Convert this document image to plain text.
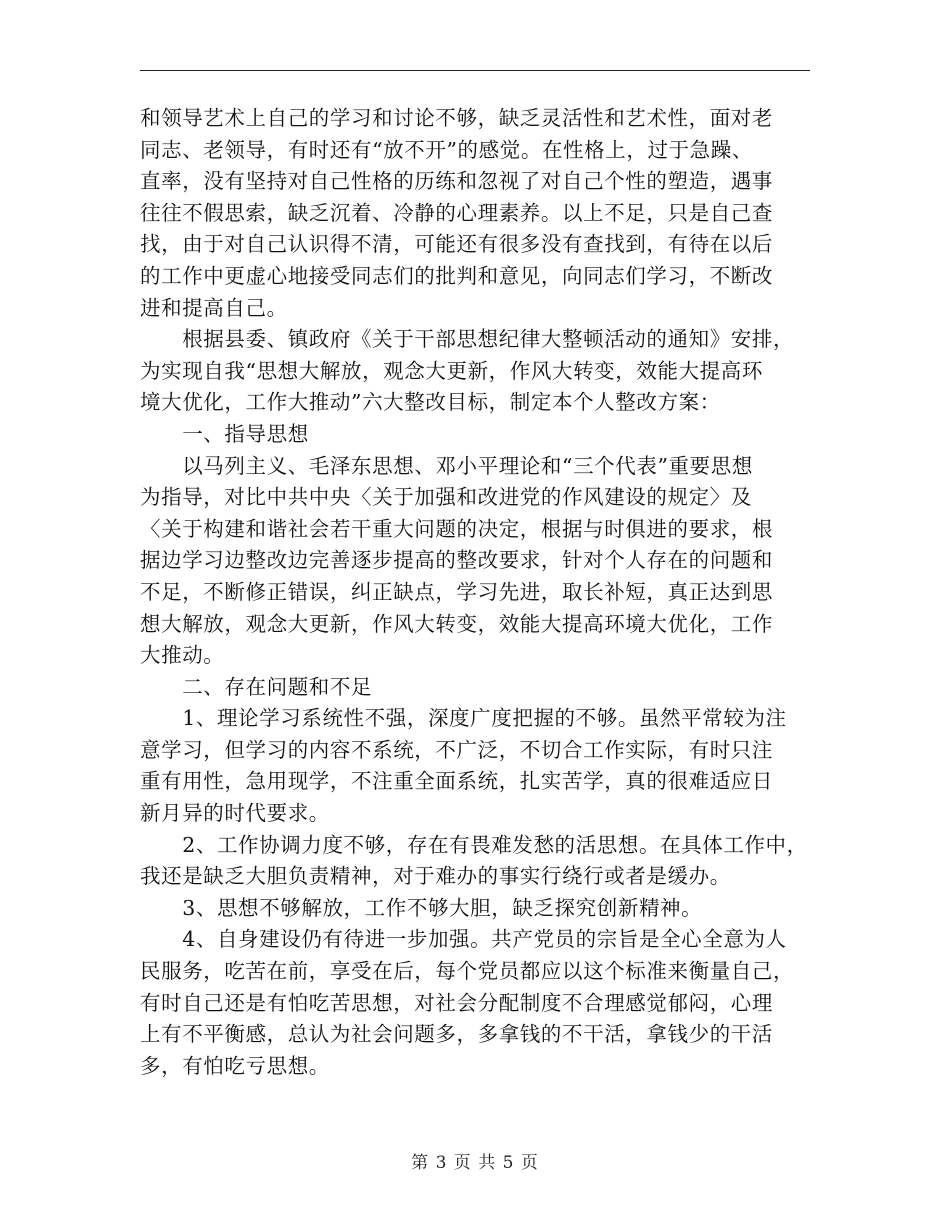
和领导艺术上自己的学习和讨论不够，缺乏灵活性和艺术性，面对老
同志、老领导，有时还有“放不开”的感觉。在性格上，过于急躁、
直率，没有坚持对自己性格的历练和忽视了对自己个性的塑造，遇事
往往不假思索，缺乏沉着、冷静的心理素养。以上不足，只是自己查
找，由于对自己认识得不清，可能还有很多没有查找到，有待在以后
的工作中更虚心地接受同志们的批判和意见，向同志们学习，不断改
进和提高自己。
　　根据县委、镇政府《关于干部思想纪律大整顿活动的通知》安排，
为实现自我“思想大解放，观念大更新，作风大转变，效能大提高环
境大优化，工作大推动”六大整改目标，制定本个人整改方案：
　　一、指导思想
　　以马列主义、毛泽东思想、邓小平理论和“三个代表”重要思想
为指导，对比中共中央〈关于加强和改进党的作风建设的规定〉及
〈关于构建和谐社会若干重大问题的决定，根据与时俱进的要求，根
据边学习边整改边完善逐步提高的整改要求，针对个人存在的问题和
不足，不断修正错误，纠正缺点，学习先进，取长补短，真正达到思
想大解放，观念大更新，作风大转变，效能大提高环境大优化，工作
大推动。
　　二、存在问题和不足
　　1、理论学习系统性不强，深度广度把握的不够。虽然平常较为注
意学习，但学习的内容不系统，不广泛，不切合工作实际，有时只注
重有用性，急用现学，不注重全面系统，扎实苦学，真的很难适应日
新月异的时代要求。
　　2、工作协调力度不够，存在有畏难发愁的活思想。在具体工作中，
我还是缺乏大胆负责精神，对于难办的事实行绕行或者是缓办。
　　3、思想不够解放，工作不够大胆，缺乏探究创新精神。
　　4、自身建设仍有待进一步加强。共产党员的宗旨是全心全意为人
民服务，吃苦在前，享受在后，每个党员都应以这个标准来衡量自己，
有时自己还是有怕吃苦思想，对社会分配制度不合理感觉郁闷，心理
上有不平衡感，总认为社会问题多，多拿钱的不干活，拿钱少的干活
多，有怕吃亏思想。
第 3 页 共 5 页
